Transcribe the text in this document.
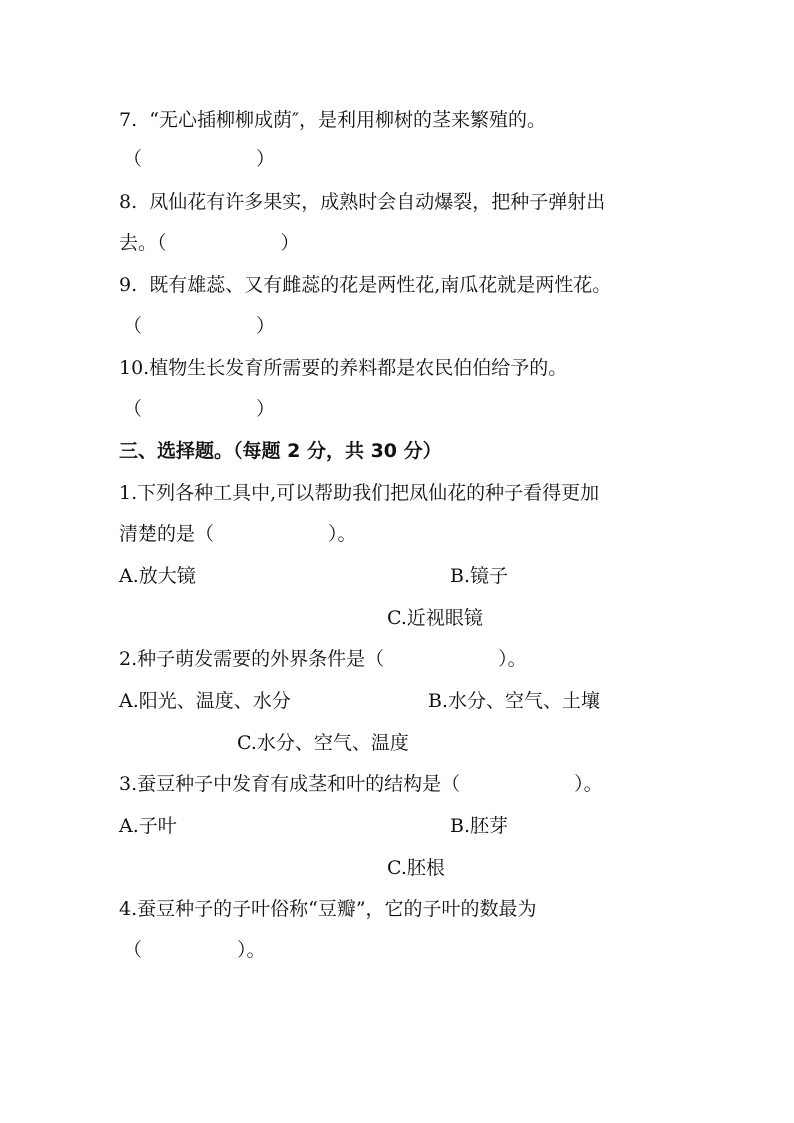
7. “无心插柳柳成荫″，是利用柳树的茎来繁殖的。
（　　　　　　）
8. 凤仙花有许多果实，成熟时会自动爆裂，把种子弹射出
去。（　　　　　　）
9. 既有雄蕊、又有雌蕊的花是两性花,南瓜花就是两性花。
（　　　　　　）
10.植物生长发育所需要的养料都是农民伯伯给予的。
（　　　　　　）
三、选择题。（每题 2 分，共 30 分）
1.下列各种工具中,可以帮助我们把凤仙花的种子看得更加
清楚的是（　　　　　　）。
A.放大镜	B.镜子
C.近视眼镜
2.种子萌发需要的外界条件是（　　　　　　）。
A.阳光、温度、水分	B.水分、空气、土壤
C.水分、空气、温度
3.蚕豆种子中发育有成茎和叶的结构是（　　　　　　）。
A.子叶	B.胚芽
C.胚根
4.蚕豆种子的子叶俗称“豆瓣”，它的子叶的数最为
（　　　　　）。
